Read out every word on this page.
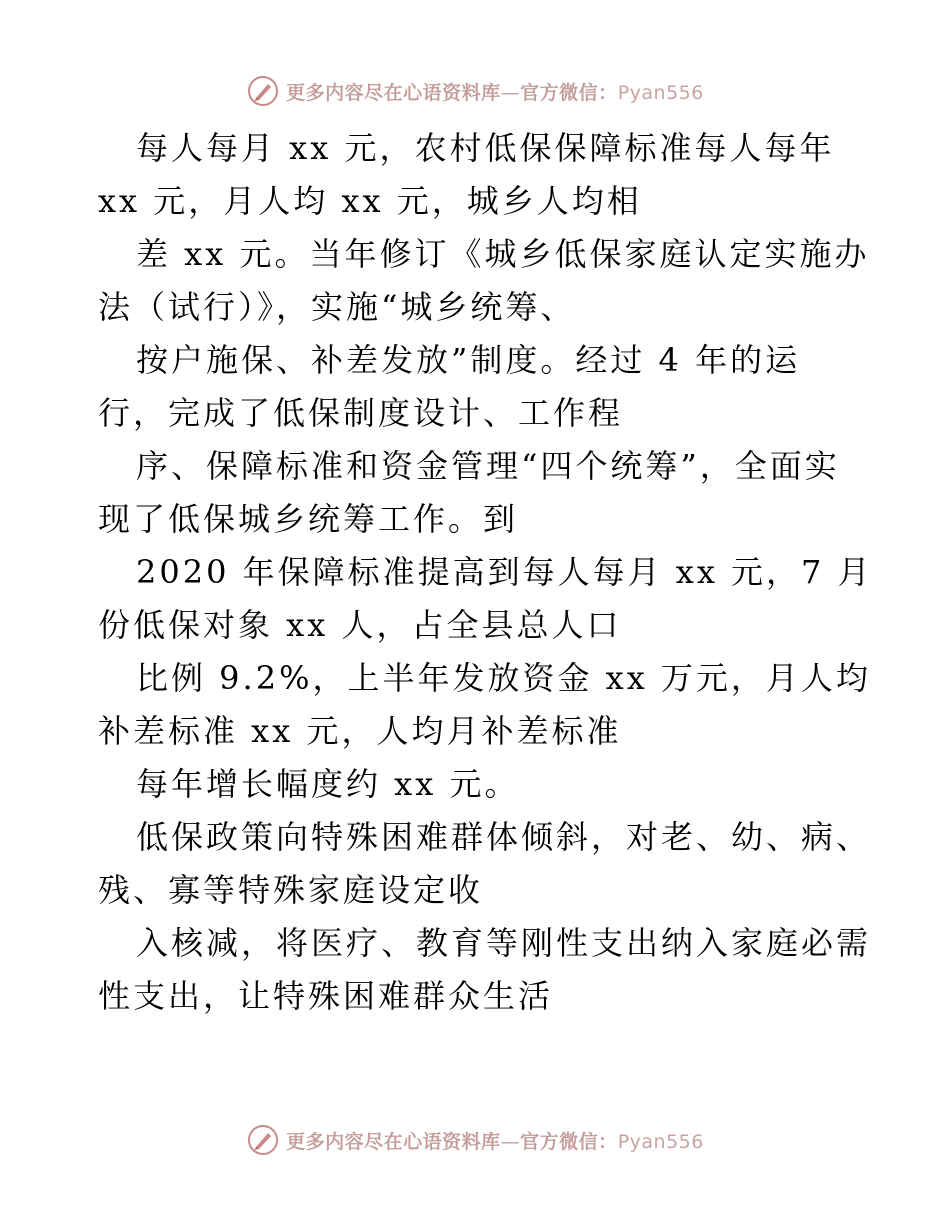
更多内容尽在心语资料库—官方微信：Pyan556
每人每月 xx 元，农村低保保障标准每人每年
xx 元，月人均 xx 元，城乡人均相
差 xx 元。当年修订《城乡低保家庭认定实施办
法（试行）》，实施“城乡统筹、
按户施保、补差发放”制度。经过 4 年的运
行，完成了低保制度设计、工作程
序、保障标准和资金管理“四个统筹”，全面实
现了低保城乡统筹工作。到
2020 年保障标准提高到每人每月 xx 元，7 月
份低保对象 xx 人，占全县总人口
比例 9.2%，上半年发放资金 xx 万元，月人均
补差标准 xx 元，人均月补差标准
每年增长幅度约 xx 元。
低保政策向特殊困难群体倾斜，对老、幼、病、
残、寡等特殊家庭设定收
入核减，将医疗、教育等刚性支出纳入家庭必需
性支出，让特殊困难群众生活
更多内容尽在心语资料库—官方微信：Pyan556
